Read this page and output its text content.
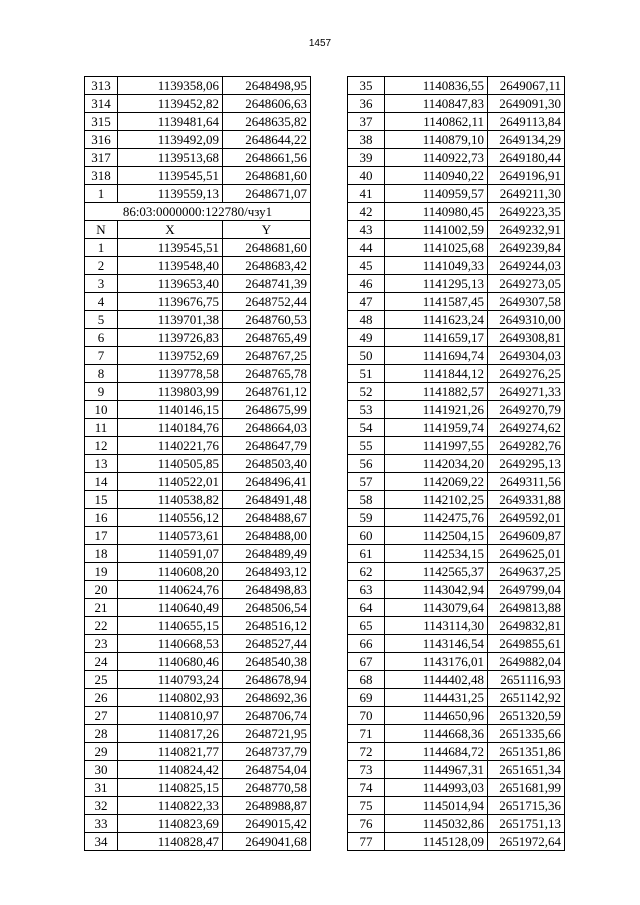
1457
313	1139358,06	2648498,95
314	1139452,82	2648606,63
315	1139481,64	2648635,82
316	1139492,09	2648644,22
317	1139513,68	2648661,56
318	1139545,51	2648681,60
1	1139559,13	2648671,07
86:03:0000000:122780/чзу1		
N	X	Y
1	1139545,51	2648681,60
2	1139548,40	2648683,42
3	1139653,40	2648741,39
4	1139676,75	2648752,44
5	1139701,38	2648760,53
6	1139726,83	2648765,49
7	1139752,69	2648767,25
8	1139778,58	2648765,78
9	1139803,99	2648761,12
10	1140146,15	2648675,99
11	1140184,76	2648664,03
12	1140221,76	2648647,79
13	1140505,85	2648503,40
14	1140522,01	2648496,41
15	1140538,82	2648491,48
16	1140556,12	2648488,67
17	1140573,61	2648488,00
18	1140591,07	2648489,49
19	1140608,20	2648493,12
20	1140624,76	2648498,83
21	1140640,49	2648506,54
22	1140655,15	2648516,12
23	1140668,53	2648527,44
24	1140680,46	2648540,38
25	1140793,24	2648678,94
26	1140802,93	2648692,36
27	1140810,97	2648706,74
28	1140817,26	2648721,95
29	1140821,77	2648737,79
30	1140824,42	2648754,04
31	1140825,15	2648770,58
32	1140822,33	2648988,87
33	1140823,69	2649015,42
34	1140828,47	2649041,68
35	1140836,55	2649067,11
36	1140847,83	2649091,30
37	1140862,11	2649113,84
38	1140879,10	2649134,29
39	1140922,73	2649180,44
40	1140940,22	2649196,91
41	1140959,57	2649211,30
42	1140980,45	2649223,35
43	1141002,59	2649232,91
44	1141025,68	2649239,84
45	1141049,33	2649244,03
46	1141295,13	2649273,05
47	1141587,45	2649307,58
48	1141623,24	2649310,00
49	1141659,17	2649308,81
50	1141694,74	2649304,03
51	1141844,12	2649276,25
52	1141882,57	2649271,33
53	1141921,26	2649270,79
54	1141959,74	2649274,62
55	1141997,55	2649282,76
56	1142034,20	2649295,13
57	1142069,22	2649311,56
58	1142102,25	2649331,88
59	1142475,76	2649592,01
60	1142504,15	2649609,87
61	1142534,15	2649625,01
62	1142565,37	2649637,25
63	1143042,94	2649799,04
64	1143079,64	2649813,88
65	1143114,30	2649832,81
66	1143146,54	2649855,61
67	1143176,01	2649882,04
68	1144402,48	2651116,93
69	1144431,25	2651142,92
70	1144650,96	2651320,59
71	1144668,36	2651335,66
72	1144684,72	2651351,86
73	1144967,31	2651651,34
74	1144993,03	2651681,99
75	1145014,94	2651715,36
76	1145032,86	2651751,13
77	1145128,09	2651972,64
